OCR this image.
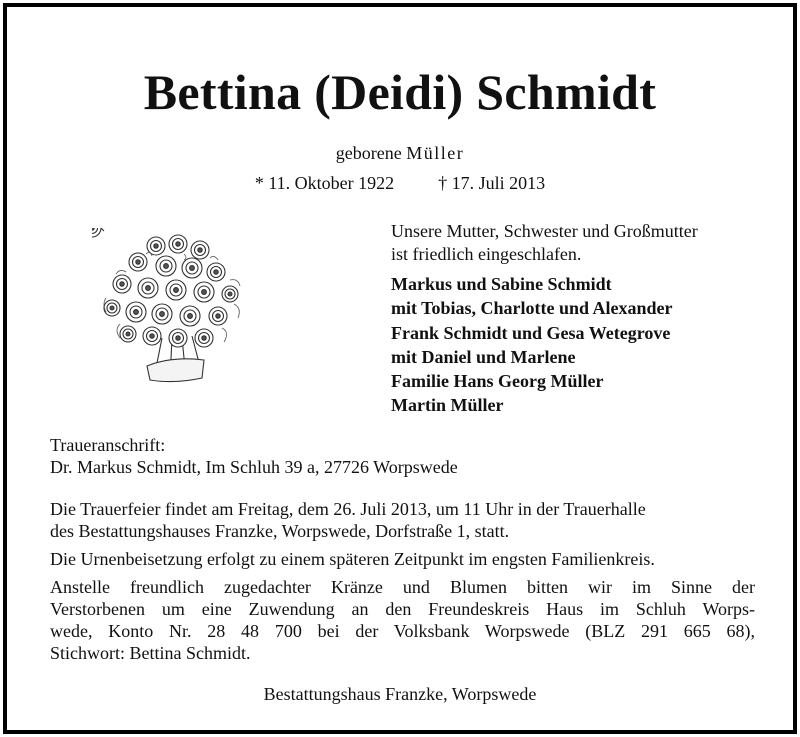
Bettina (Deidi) Schmidt
geborene Müller
* 11. Oktober 1922 † 17. Juli 2013
Unsere Mutter, Schwester und Großmutter
ist friedlich eingeschlafen.
Markus und Sabine Schmidt
mit Tobias, Charlotte und Alexander
Frank Schmidt und Gesa Wetegrove
mit Daniel und Marlene
Familie Hans Georg Müller
Martin Müller
Traueranschrift:
Dr. Markus Schmidt, Im Schluh 39 a, 27726 Worpswede
Die Trauerfeier findet am Freitag, dem 26. Juli 2013, um 11 Uhr in der Trauerhalle
des Bestattungshauses Franzke, Worpswede, Dorfstraße 1, statt.
Die Urnenbeisetzung erfolgt zu einem späteren Zeitpunkt im engsten Familienkreis.
Anstelle freundlich zugedachter Kränze und Blumen bitten wir im Sinne der
Verstorbenen um eine Zuwendung an den Freundeskreis Haus im Schluh Worps-
wede, Konto Nr. 28 48 700 bei der Volksbank Worpswede (BLZ 291 665 68),
Stichwort: Bettina Schmidt.
Bestattungshaus Franzke, Worpswede
